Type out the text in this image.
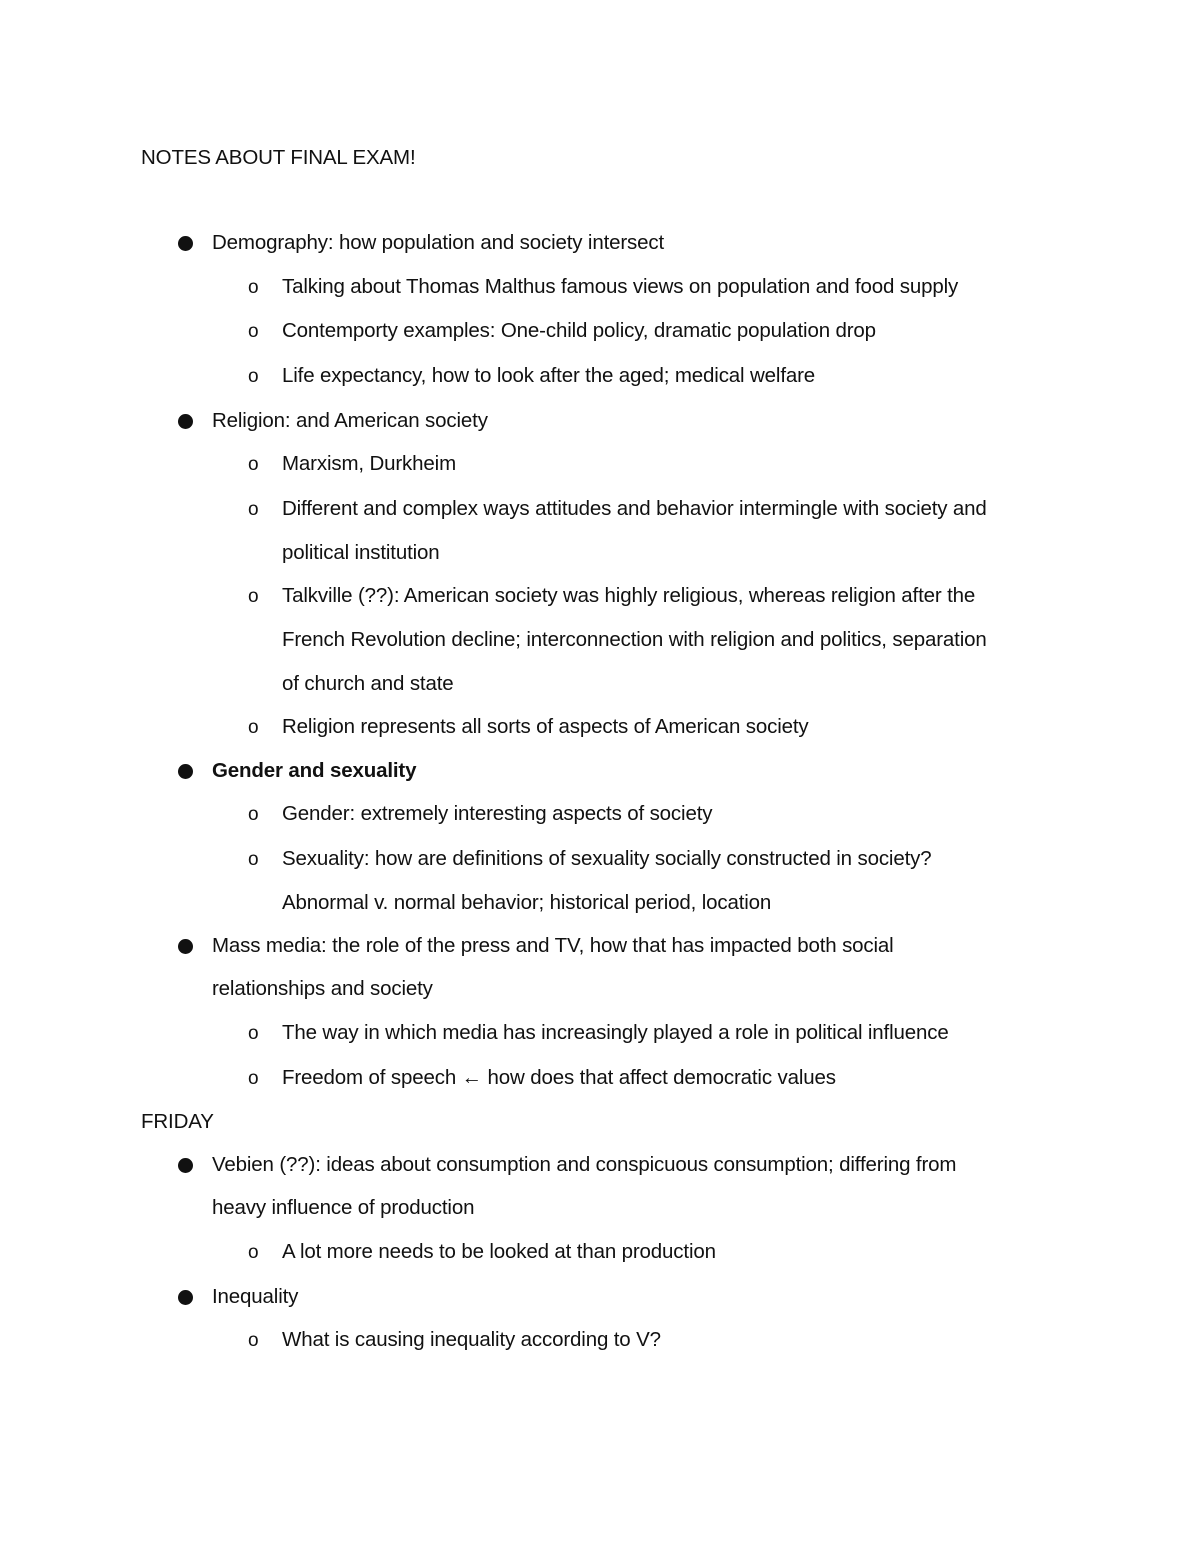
NOTES ABOUT FINAL EXAM!
Demography: how population and society intersect
o Talking about Thomas Malthus famous views on population and food supply
o Contemporty examples: One-child policy, dramatic population drop
o Life expectancy, how to look after the aged; medical welfare
Religion: and American society
o Marxism, Durkheim
o Different and complex ways attitudes and behavior intermingle with society and
political institution
o Talkville (??): American society was highly religious, whereas religion after the
French Revolution decline; interconnection with religion and politics, separation
of church and state
o Religion represents all sorts of aspects of American society
Gender and sexuality
o Gender: extremely interesting aspects of society
o Sexuality: how are definitions of sexuality socially constructed in society?
Abnormal v. normal behavior; historical period, location
Mass media: the role of the press and TV, how that has impacted both social
relationships and society
o The way in which media has increasingly played a role in political influence
o Freedom of speech ← how does that affect democratic values
FRIDAY
Vebien (??): ideas about consumption and conspicuous consumption; differing from
heavy influence of production
o A lot more needs to be looked at than production
Inequality
o What is causing inequality according to V?
